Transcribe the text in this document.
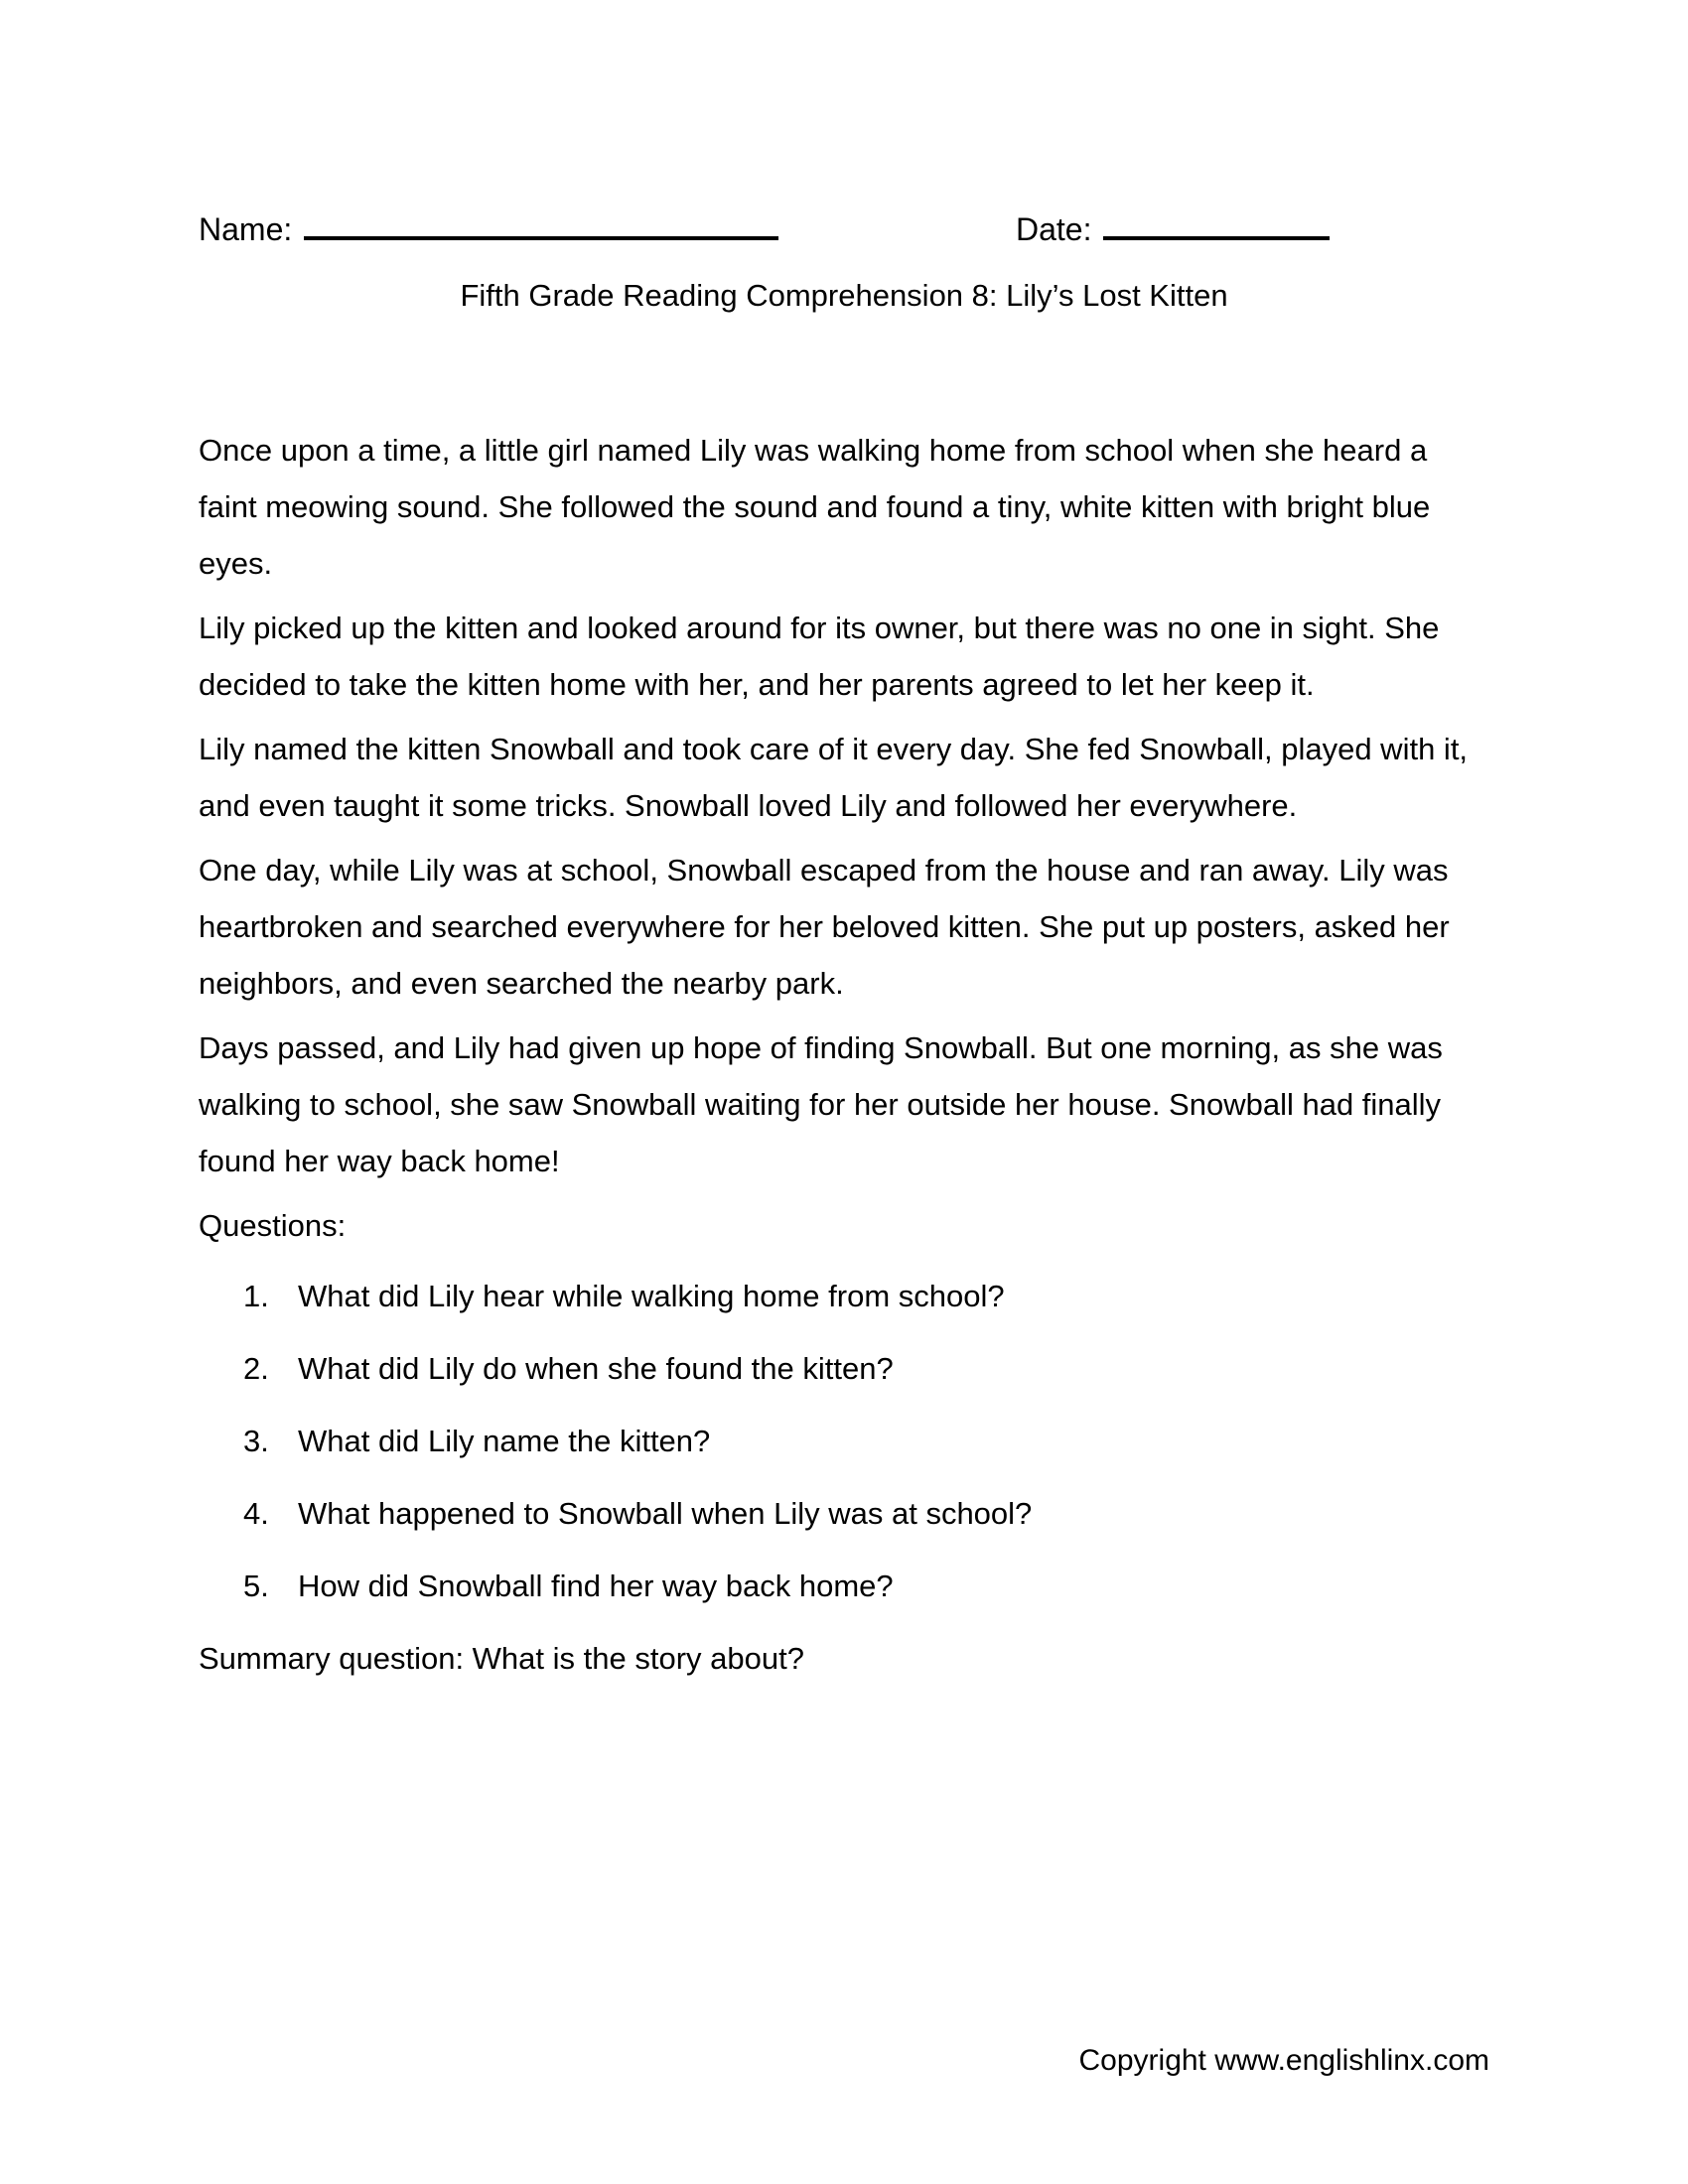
Name:	Date:
Fifth Grade Reading Comprehension 8: Lily’s Lost Kitten

Once upon a time, a little girl named Lily was walking home from school when she heard a faint meowing sound. She followed the sound and found a tiny, white kitten with bright blue eyes.

Lily picked up the kitten and looked around for its owner, but there was no one in sight. She decided to take the kitten home with her, and her parents agreed to let her keep it.

Lily named the kitten Snowball and took care of it every day. She fed Snowball, played with it, and even taught it some tricks. Snowball loved Lily and followed her everywhere.

One day, while Lily was at school, Snowball escaped from the house and ran away. Lily was heartbroken and searched everywhere for her beloved kitten. She put up posters, asked her neighbors, and even searched the nearby park.

Days passed, and Lily had given up hope of finding Snowball. But one morning, as she was walking to school, she saw Snowball waiting for her outside her house. Snowball had finally found her way back home!

Questions:

1. What did Lily hear while walking home from school?
2. What did Lily do when she found the kitten?
3. What did Lily name the kitten?
4. What happened to Snowball when Lily was at school?
5. How did Snowball find her way back home?

Summary question: What is the story about?

Copyright www.englishlinx.com
